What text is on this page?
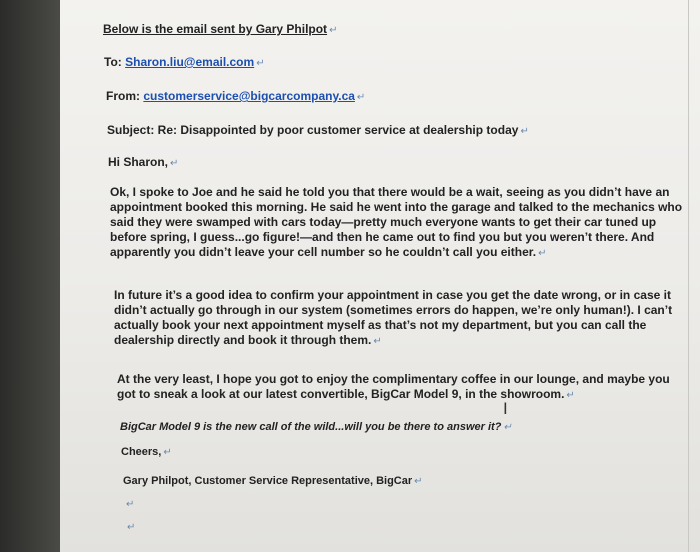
Below is the email sent by Gary Philpot ↵
To: Sharon.liu@email.com ↵
From: customerservice@bigcarcompany.ca ↵
Subject: Re: Disappointed by poor customer service at dealership today ↵
Hi Sharon, ↵
Ok, I spoke to Joe and he said he told you that there would be a wait, seeing as you didn’t have an appointment booked this morning. He said he went into the garage and talked to the mechanics who said they were swamped with cars today—pretty much everyone wants to get their car tuned up before spring, I guess...go figure!—and then he came out to find you but you weren’t there. And apparently you didn’t leave your cell number so he couldn’t call you either. ↵
In future it’s a good idea to confirm your appointment in case you get the date wrong, or in case it didn’t actually go through in our system (sometimes errors do happen, we’re only human!). I can’t actually book your next appointment myself as that’s not my department, but you can call the dealership directly and book it through them. ↵
At the very least, I hope you got to enjoy the complimentary coffee in our lounge, and maybe you got to sneak a look at our latest convertible, BigCar Model 9, in the showroom. ↵
I
BigCar Model 9 is the new call of the wild...will you be there to answer it? ↵
Cheers, ↵
Gary Philpot, Customer Service Representative, BigCar ↵
↵
↵
